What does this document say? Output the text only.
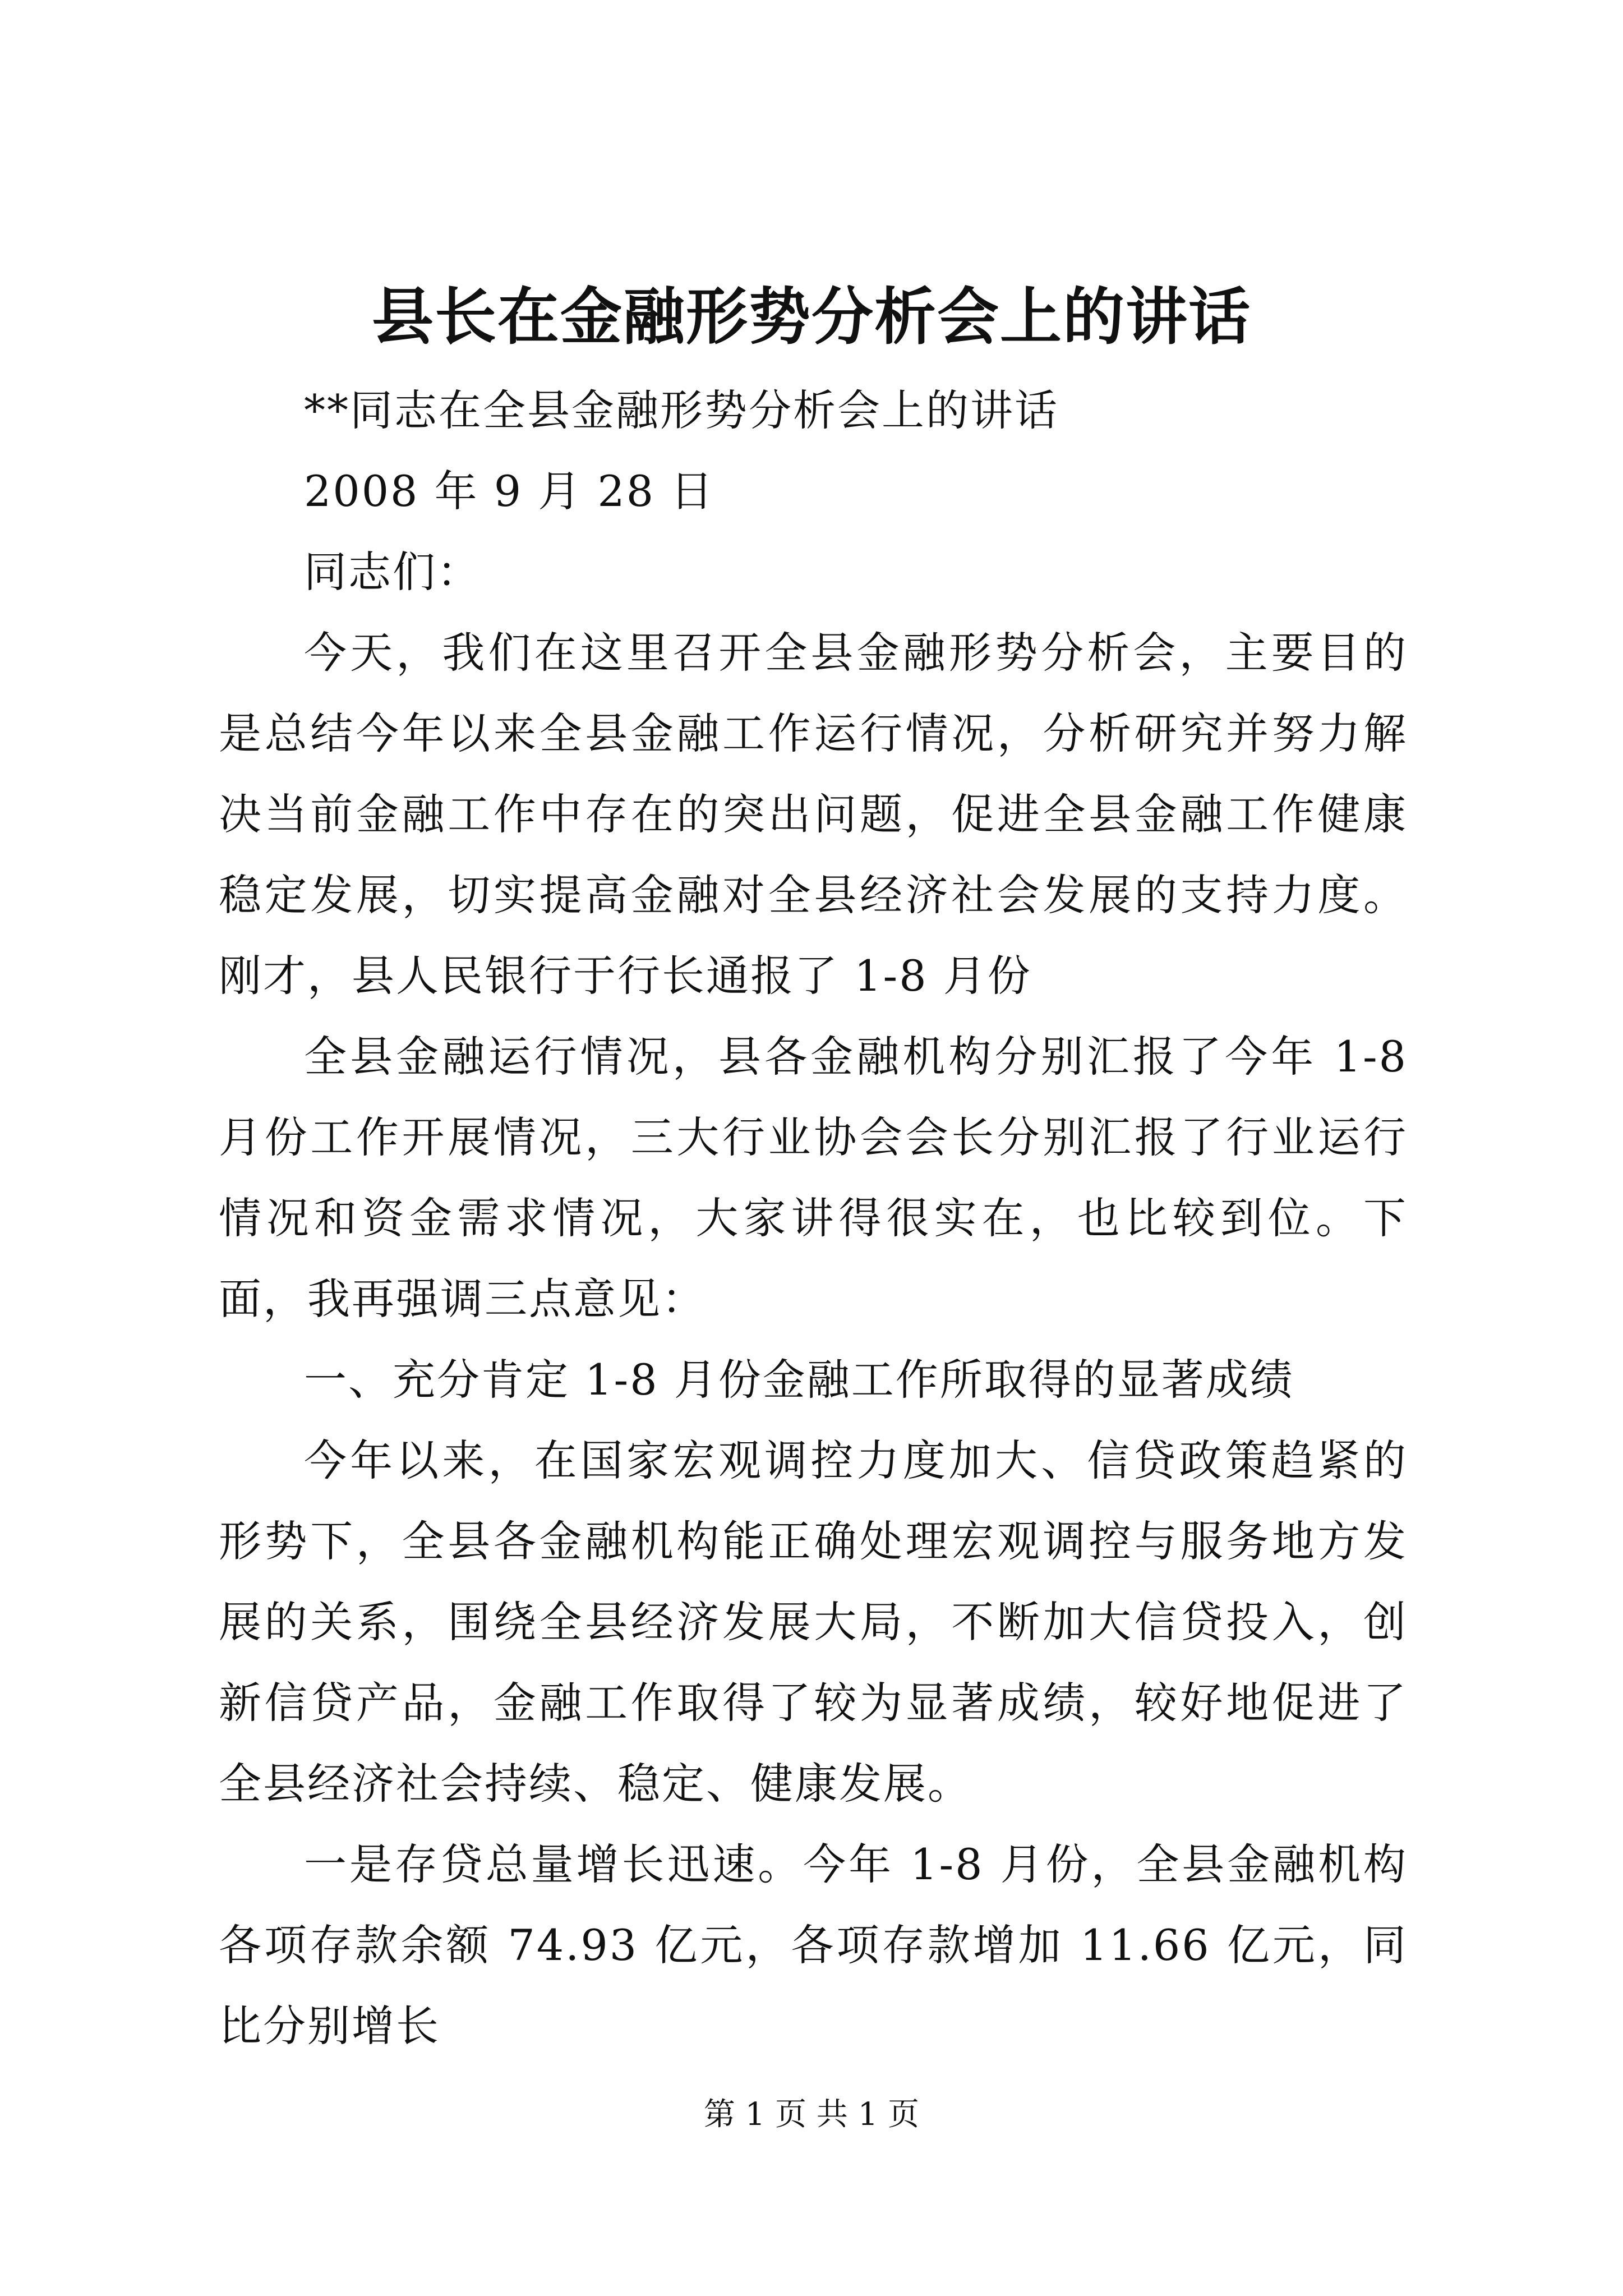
县长在金融形势分析会上的讲话

**同志在全县金融形势分析会上的讲话

2008 年 9 月 28 日

同志们：

今天，我们在这里召开全县金融形势分析会，主要目的是总结今年以来全县金融工作运行情况，分析研究并努力解决当前金融工作中存在的突出问题，促进全县金融工作健康稳定发展，切实提高金融对全县经济社会发展的支持力度。刚才，县人民银行于行长通报了 1-8 月份

全县金融运行情况，县各金融机构分别汇报了今年 1-8 月份工作开展情况，三大行业协会会长分别汇报了行业运行情况和资金需求情况，大家讲得很实在，也比较到位。下面，我再强调三点意见：

一、充分肯定 1-8 月份金融工作所取得的显著成绩

今年以来，在国家宏观调控力度加大、信贷政策趋紧的形势下，全县各金融机构能正确处理宏观调控与服务地方发展的关系，围绕全县经济发展大局，不断加大信贷投入，创新信贷产品，金融工作取得了较为显著成绩，较好地促进了全县经济社会持续、稳定、健康发展。

一是存贷总量增长迅速。今年 1-8 月份，全县金融机构各项存款余额 74.93 亿元，各项存款增加 11.66 亿元，同比分别增长

第 1 页 共 1 页
